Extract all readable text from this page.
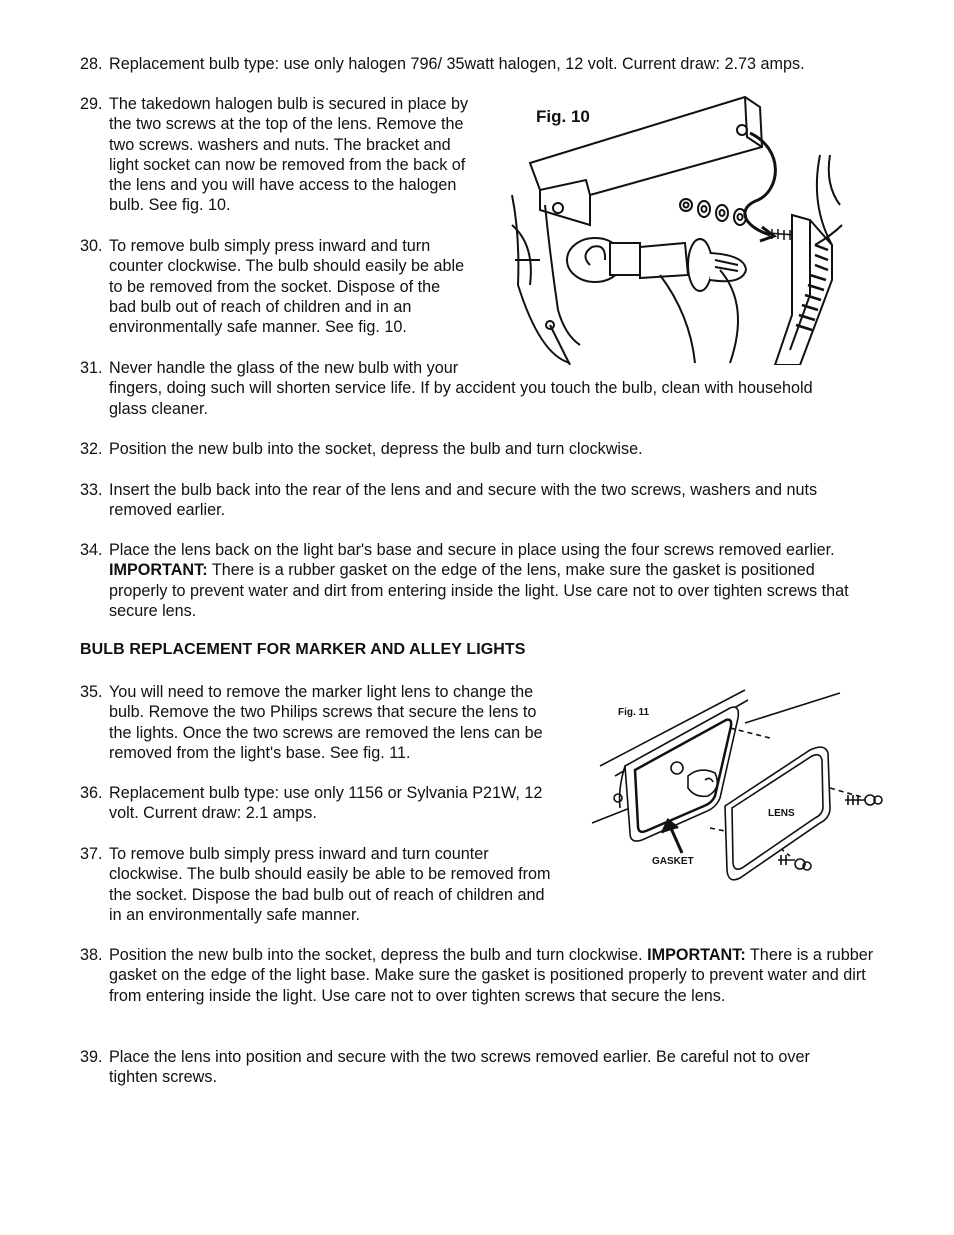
28. Replacement bulb type: use only halogen 796/ 35watt halogen, 12 volt. Current draw: 2.73 amps.
29. The takedown halogen bulb is secured in place by
the two screws at the top of the lens. Remove the
two screws. washers and nuts. The bracket and
light socket can now be removed from the back of
the lens and you will have access to the halogen
bulb. See fig. 10.
30. To remove bulb simply press inward and turn
counter clockwise. The bulb should easily be able
to be removed from the socket. Dispose of the
bad bulb out of reach of children and in an
environmentally safe manner. See fig. 10.
31. Never handle the glass of the new bulb with your
fingers, doing such will shorten service life. If by accident you touch the bulb, clean with household
glass cleaner.
32. Position the new bulb into the socket, depress the bulb and turn clockwise.
33. Insert the bulb back into the rear of the lens and and secure with the two screws, washers and nuts
removed earlier.
34. Place the lens back on the light bar's base and secure in place using the four screws removed earlier. IMPORTANT: There is a rubber gasket on the edge of the lens, make sure the gasket is positioned properly to prevent water and dirt from entering inside the light. Use care not to over tighten screws that secure lens.
BULB REPLACEMENT FOR MARKER AND ALLEY LIGHTS
35. You will need to remove the marker light lens to change the
bulb. Remove the two Philips screws that secure the lens to
the lights. Once the two screws are removed the lens can be
removed from the light's base. See fig. 11.
36. Replacement bulb type: use only 1156 or Sylvania P21W, 12
volt. Current draw: 2.1 amps.
37. To remove bulb simply press inward and turn counter
clockwise. The bulb should easily be able to be removed from
the socket. Dispose the bad bulb out of reach of children and
in an environmentally safe manner.
38. Position the new bulb into the socket, depress the bulb and turn clockwise. IMPORTANT: There is a rubber gasket on the edge of the light base. Make sure the gasket is positioned properly to prevent water and dirt from entering inside the light. Use care not to over tighten screws that secure the lens.
39. Place the lens into position and secure with the two screws removed earlier. Be careful not to over
tighten screws.
Fig. 10
Fig. 11
LENS
GASKET
